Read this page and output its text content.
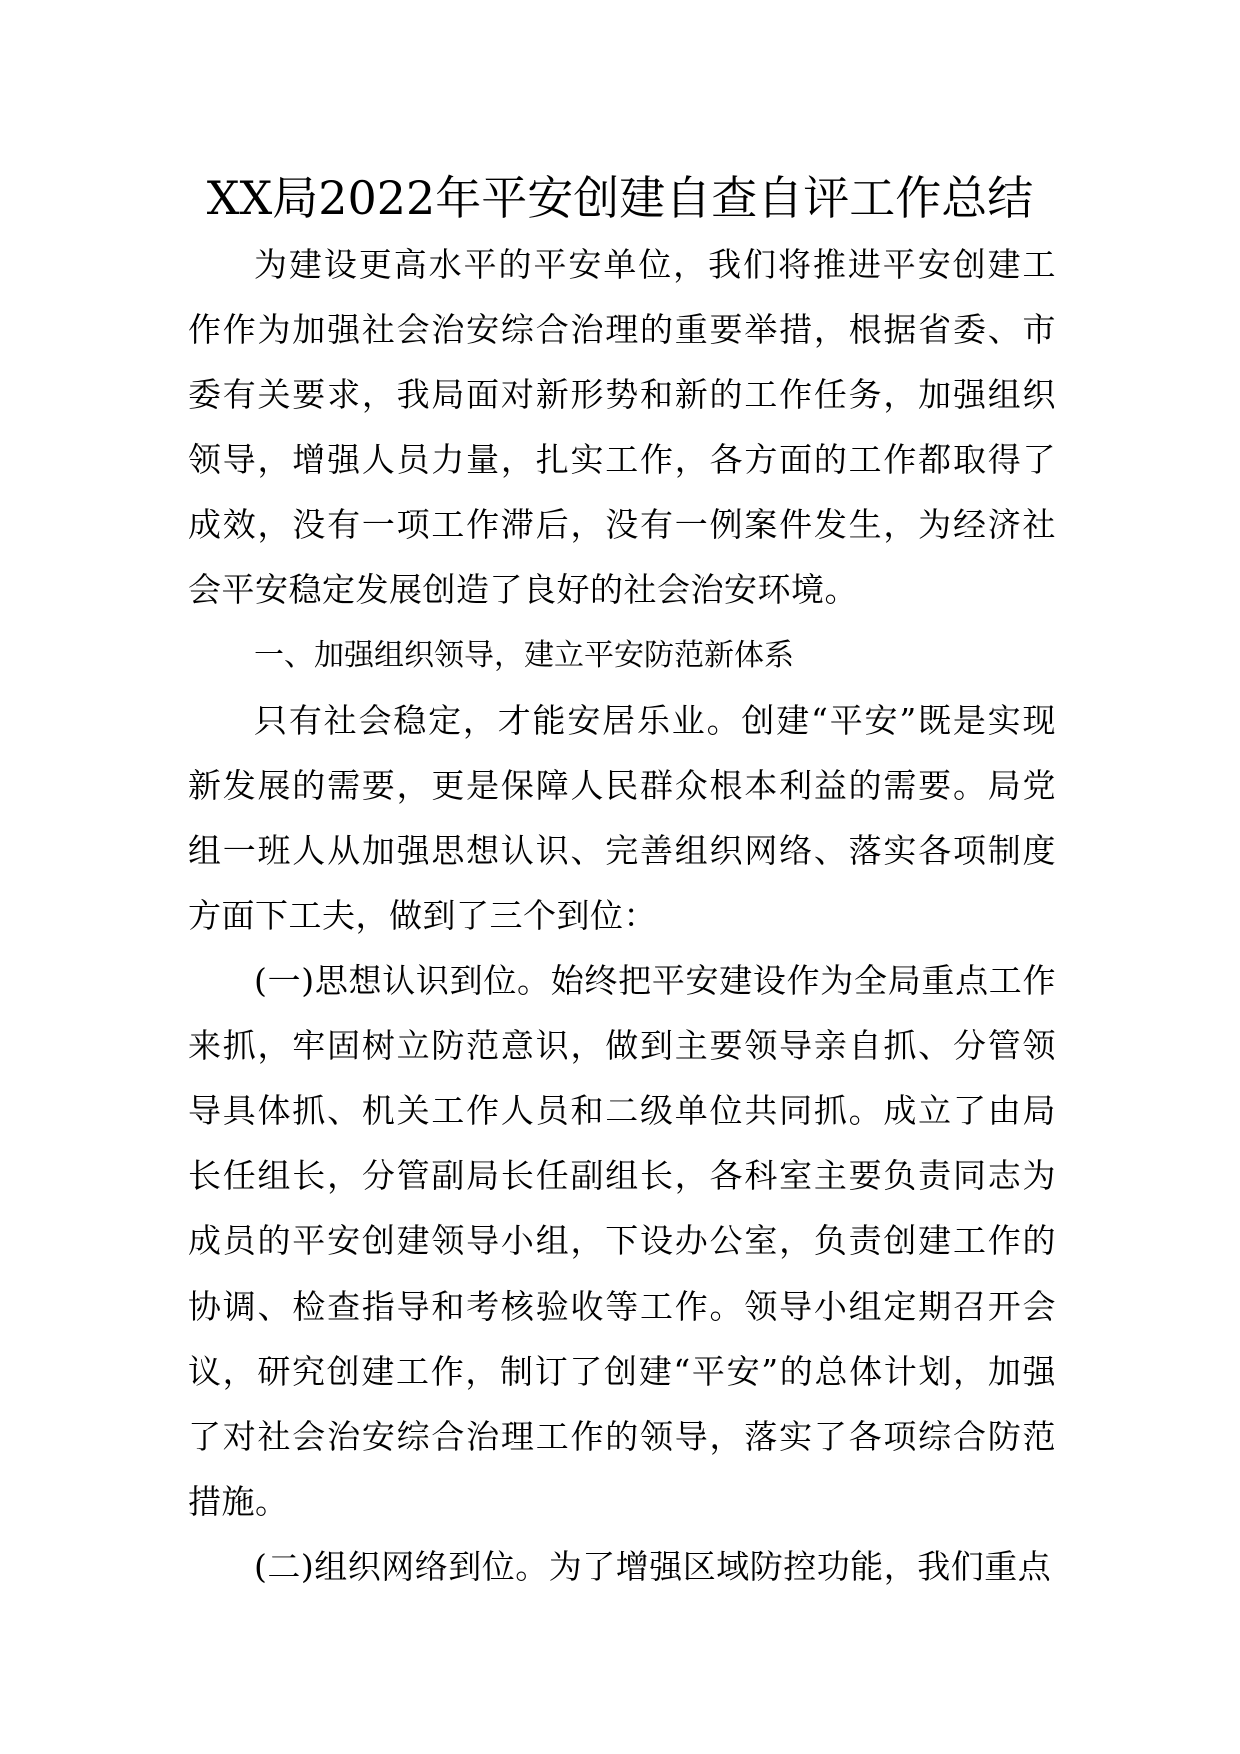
XX局2022年平安创建自查自评工作总结

为建设更高水平的平安单位，我们将推进平安创建工作作为加强社会治安综合治理的重要举措，根据省委、市委有关要求，我局面对新形势和新的工作任务，加强组织领导，增强人员力量，扎实工作，各方面的工作都取得了成效，没有一项工作滞后，没有一例案件发生，为经济社会平安稳定发展创造了良好的社会治安环境。

一、加强组织领导，建立平安防范新体系

只有社会稳定，才能安居乐业。创建“平安”既是实现新发展的需要，更是保障人民群众根本利益的需要。局党组一班人从加强思想认识、完善组织网络、落实各项制度方面下工夫，做到了三个到位：

(一)思想认识到位。始终把平安建设作为全局重点工作来抓，牢固树立防范意识，做到主要领导亲自抓、分管领导具体抓、机关工作人员和二级单位共同抓。成立了由局长任组长，分管副局长任副组长，各科室主要负责同志为成员的平安创建领导小组，下设办公室，负责创建工作的协调、检查指导和考核验收等工作。领导小组定期召开会议，研究创建工作，制订了创建“平安”的总体计划，加强了对社会治安综合治理工作的领导，落实了各项综合防范措施。

(二)组织网络到位。为了增强区域防控功能，我们重点
